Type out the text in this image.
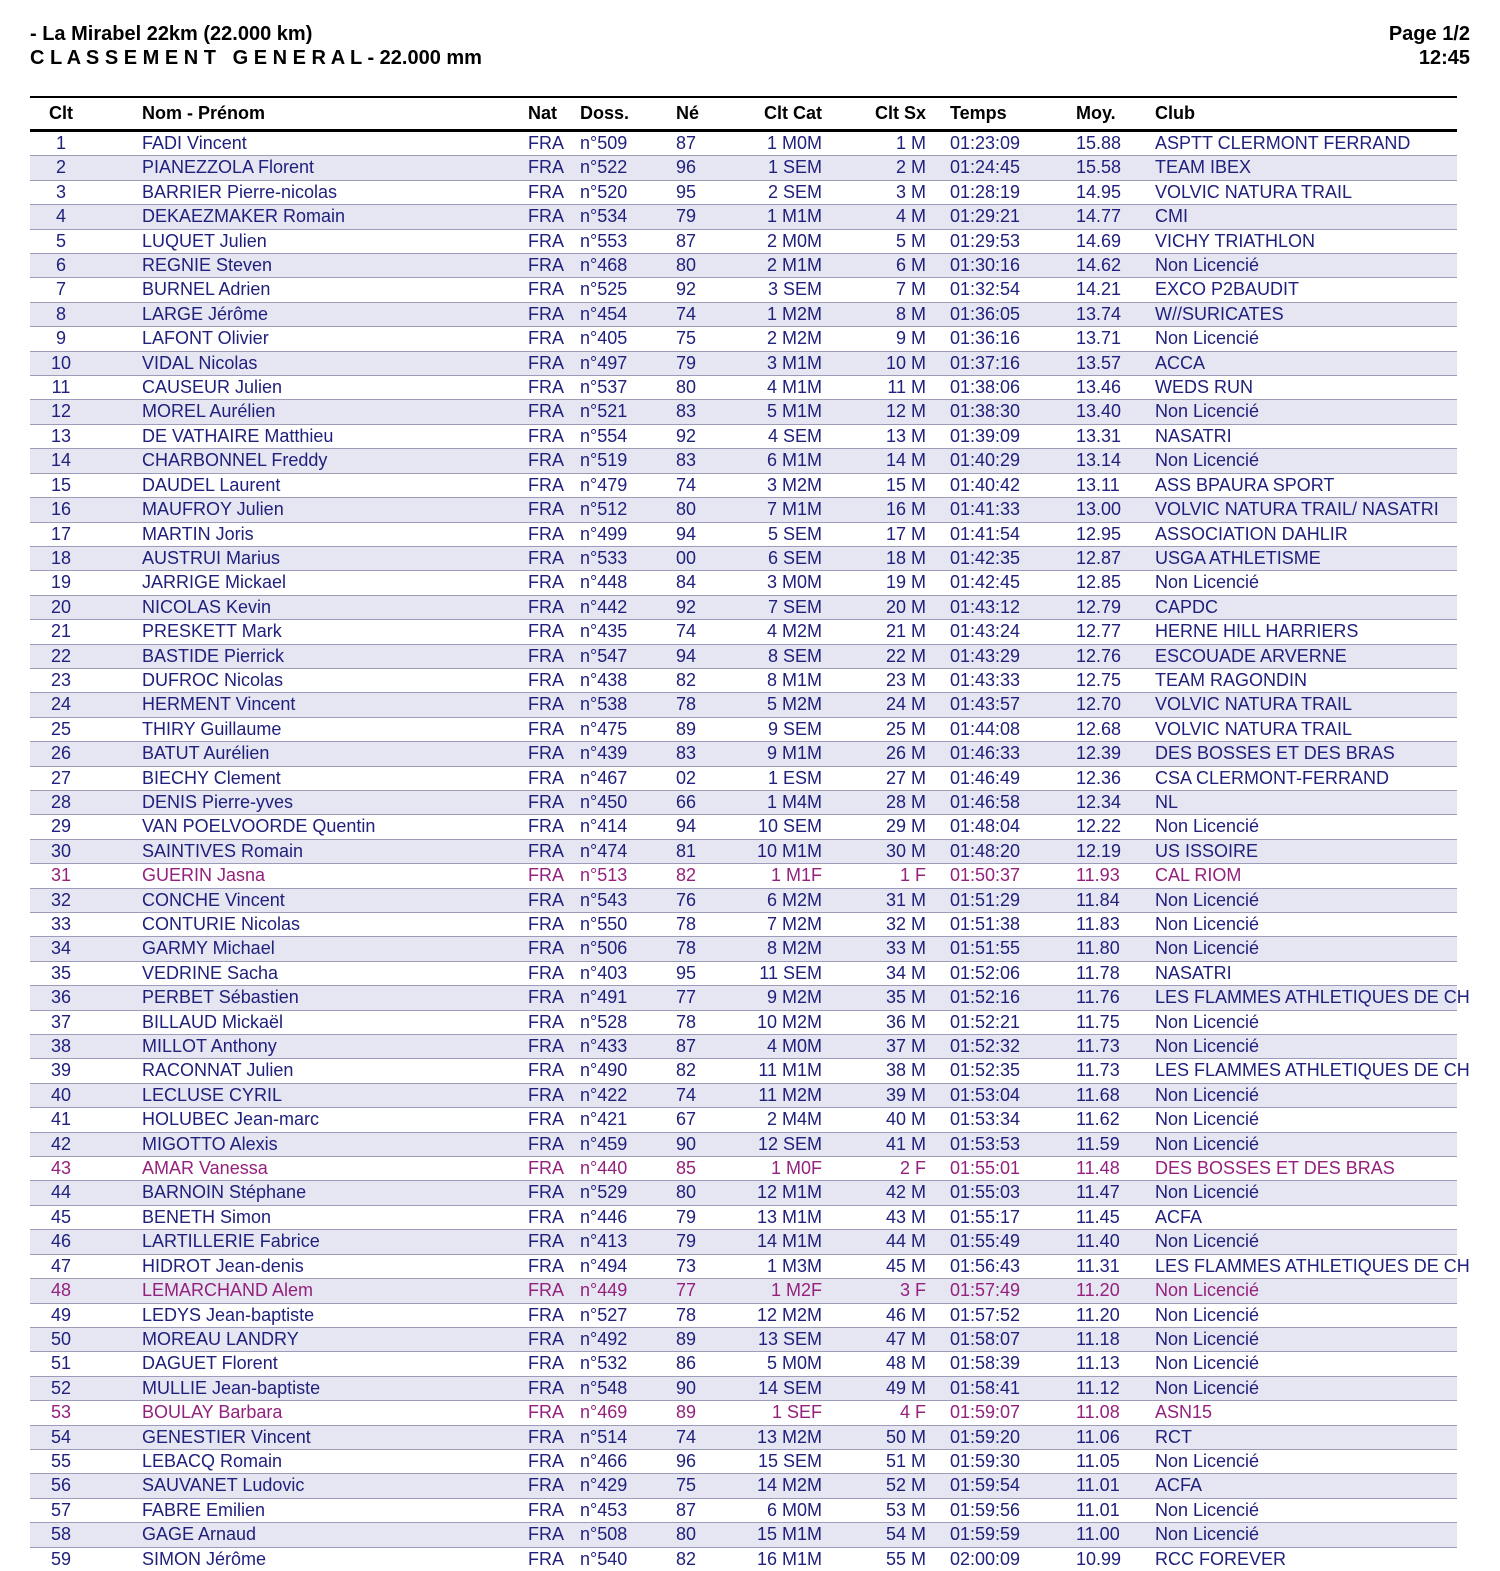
- La Mirabel 22km (22.000 km)
C L A S S E M E N T   G E N E R A L - 22.000 mm
Page 1/2
12:45
Clt	Nom - Prénom	Nat	Doss.	Né	Clt Cat	Clt Sx	Temps	Moy.	Club
1	FADI Vincent	FRA	n°509	87	1 M0M	1 M	01:23:09	15.88	ASPTT CLERMONT FERRAND
2	PIANEZZOLA Florent	FRA	n°522	96	1 SEM	2 M	01:24:45	15.58	TEAM IBEX
3	BARRIER Pierre-nicolas	FRA	n°520	95	2 SEM	3 M	01:28:19	14.95	VOLVIC NATURA TRAIL
4	DEKAEZMAKER Romain	FRA	n°534	79	1 M1M	4 M	01:29:21	14.77	CMI
5	LUQUET Julien	FRA	n°553	87	2 M0M	5 M	01:29:53	14.69	VICHY TRIATHLON
6	REGNIE Steven	FRA	n°468	80	2 M1M	6 M	01:30:16	14.62	Non Licencié
7	BURNEL Adrien	FRA	n°525	92	3 SEM	7 M	01:32:54	14.21	EXCO P2BAUDIT
8	LARGE Jérôme	FRA	n°454	74	1 M2M	8 M	01:36:05	13.74	W//SURICATES
9	LAFONT Olivier	FRA	n°405	75	2 M2M	9 M	01:36:16	13.71	Non Licencié
10	VIDAL Nicolas	FRA	n°497	79	3 M1M	10 M	01:37:16	13.57	ACCA
11	CAUSEUR Julien	FRA	n°537	80	4 M1M	11 M	01:38:06	13.46	WEDS RUN
12	MOREL Aurélien	FRA	n°521	83	5 M1M	12 M	01:38:30	13.40	Non Licencié
13	DE VATHAIRE Matthieu	FRA	n°554	92	4 SEM	13 M	01:39:09	13.31	NASATRI
14	CHARBONNEL Freddy	FRA	n°519	83	6 M1M	14 M	01:40:29	13.14	Non Licencié
15	DAUDEL Laurent	FRA	n°479	74	3 M2M	15 M	01:40:42	13.11	ASS BPAURA SPORT
16	MAUFROY Julien	FRA	n°512	80	7 M1M	16 M	01:41:33	13.00	VOLVIC NATURA TRAIL/ NASATRI
17	MARTIN Joris	FRA	n°499	94	5 SEM	17 M	01:41:54	12.95	ASSOCIATION DAHLIR
18	AUSTRUI Marius	FRA	n°533	00	6 SEM	18 M	01:42:35	12.87	USGA ATHLETISME
19	JARRIGE Mickael	FRA	n°448	84	3 M0M	19 M	01:42:45	12.85	Non Licencié
20	NICOLAS Kevin	FRA	n°442	92	7 SEM	20 M	01:43:12	12.79	CAPDC
21	PRESKETT Mark	FRA	n°435	74	4 M2M	21 M	01:43:24	12.77	HERNE HILL HARRIERS
22	BASTIDE Pierrick	FRA	n°547	94	8 SEM	22 M	01:43:29	12.76	ESCOUADE ARVERNE
23	DUFROC Nicolas	FRA	n°438	82	8 M1M	23 M	01:43:33	12.75	TEAM RAGONDIN
24	HERMENT Vincent	FRA	n°538	78	5 M2M	24 M	01:43:57	12.70	VOLVIC NATURA TRAIL
25	THIRY Guillaume	FRA	n°475	89	9 SEM	25 M	01:44:08	12.68	VOLVIC NATURA TRAIL
26	BATUT Aurélien	FRA	n°439	83	9 M1M	26 M	01:46:33	12.39	DES BOSSES ET DES BRAS
27	BIECHY Clement	FRA	n°467	02	1 ESM	27 M	01:46:49	12.36	CSA CLERMONT-FERRAND
28	DENIS Pierre-yves	FRA	n°450	66	1 M4M	28 M	01:46:58	12.34	NL
29	VAN POELVOORDE Quentin	FRA	n°414	94	10 SEM	29 M	01:48:04	12.22	Non Licencié
30	SAINTIVES Romain	FRA	n°474	81	10 M1M	30 M	01:48:20	12.19	US ISSOIRE
31	GUERIN Jasna	FRA	n°513	82	1 M1F	1 F	01:50:37	11.93	CAL RIOM
32	CONCHE Vincent	FRA	n°543	76	6 M2M	31 M	01:51:29	11.84	Non Licencié
33	CONTURIE Nicolas	FRA	n°550	78	7 M2M	32 M	01:51:38	11.83	Non Licencié
34	GARMY Michael	FRA	n°506	78	8 M2M	33 M	01:51:55	11.80	Non Licencié
35	VEDRINE Sacha	FRA	n°403	95	11 SEM	34 M	01:52:06	11.78	NASATRI
36	PERBET Sébastien	FRA	n°491	77	9 M2M	35 M	01:52:16	11.76	LES FLAMMES ATHLETIQUES DE CH
37	BILLAUD Mickaël	FRA	n°528	78	10 M2M	36 M	01:52:21	11.75	Non Licencié
38	MILLOT Anthony	FRA	n°433	87	4 M0M	37 M	01:52:32	11.73	Non Licencié
39	RACONNAT Julien	FRA	n°490	82	11 M1M	38 M	01:52:35	11.73	LES FLAMMES ATHLETIQUES DE CH
40	LECLUSE CYRIL	FRA	n°422	74	11 M2M	39 M	01:53:04	11.68	Non Licencié
41	HOLUBEC Jean-marc	FRA	n°421	67	2 M4M	40 M	01:53:34	11.62	Non Licencié
42	MIGOTTO Alexis	FRA	n°459	90	12 SEM	41 M	01:53:53	11.59	Non Licencié
43	AMAR Vanessa	FRA	n°440	85	1 M0F	2 F	01:55:01	11.48	DES BOSSES ET DES BRAS
44	BARNOIN Stéphane	FRA	n°529	80	12 M1M	42 M	01:55:03	11.47	Non Licencié
45	BENETH Simon	FRA	n°446	79	13 M1M	43 M	01:55:17	11.45	ACFA
46	LARTILLERIE Fabrice	FRA	n°413	79	14 M1M	44 M	01:55:49	11.40	Non Licencié
47	HIDROT Jean-denis	FRA	n°494	73	1 M3M	45 M	01:56:43	11.31	LES FLAMMES ATHLETIQUES DE CH
48	LEMARCHAND Alem	FRA	n°449	77	1 M2F	3 F	01:57:49	11.20	Non Licencié
49	LEDYS Jean-baptiste	FRA	n°527	78	12 M2M	46 M	01:57:52	11.20	Non Licencié
50	MOREAU LANDRY	FRA	n°492	89	13 SEM	47 M	01:58:07	11.18	Non Licencié
51	DAGUET Florent	FRA	n°532	86	5 M0M	48 M	01:58:39	11.13	Non Licencié
52	MULLIE Jean-baptiste	FRA	n°548	90	14 SEM	49 M	01:58:41	11.12	Non Licencié
53	BOULAY Barbara	FRA	n°469	89	1 SEF	4 F	01:59:07	11.08	ASN15
54	GENESTIER Vincent	FRA	n°514	74	13 M2M	50 M	01:59:20	11.06	RCT
55	LEBACQ Romain	FRA	n°466	96	15 SEM	51 M	01:59:30	11.05	Non Licencié
56	SAUVANET Ludovic	FRA	n°429	75	14 M2M	52 M	01:59:54	11.01	ACFA
57	FABRE Emilien	FRA	n°453	87	6 M0M	53 M	01:59:56	11.01	Non Licencié
58	GAGE Arnaud	FRA	n°508	80	15 M1M	54 M	01:59:59	11.00	Non Licencié
59	SIMON Jérôme	FRA	n°540	82	16 M1M	55 M	02:00:09	10.99	RCC FOREVER
